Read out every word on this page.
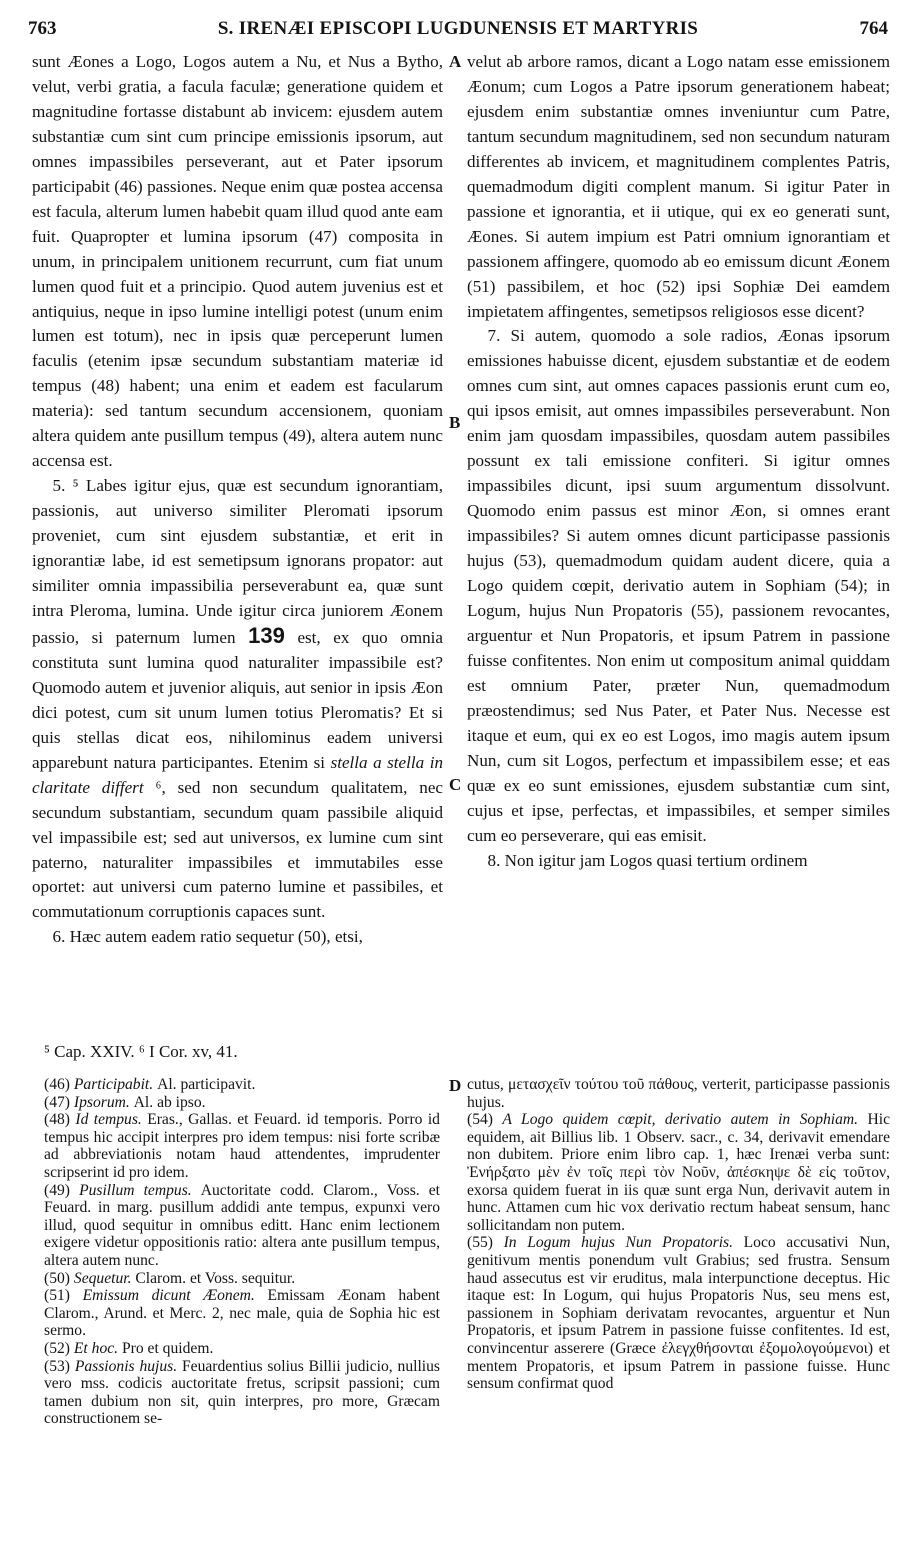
763	S. IRENÆI EPISCOPI LUGDUNENSIS ET MARTYRIS	764

sunt Æones a Logo, Logos autem a Nu, et Nus a Bytho, velut, verbi gratia, a facula faculæ; generatione quidem et magnitudine fortasse distabunt ab invicem: ejusdem autem substantiæ cum sint cum principe emissionis ipsorum, aut omnes impassibiles perseverant, aut et Pater ipsorum participabit (46) passiones. Neque enim quæ postea accensa est facula, alterum lumen habebit quam illud quod ante eam fuit. Quapropter et lumina ipsorum (47) composita in unum, in principalem unitionem recurrunt, cum fiat unum lumen quod fuit et a principio. Quod autem juvenius est et antiquius, neque in ipso lumine intelligi potest (unum enim lumen est totum), nec in ipsis quæ perceperunt lumen faculis (etenim ipsæ secundum substantiam materiæ id tempus (48) habent; una enim et eadem est facularum materia): sed tantum secundum accensionem, quoniam altera quidem ante pusillum tempus (49), altera autem nunc accensa est.

5. ⁵ Labes igitur ejus, quæ est secundum ignorantiam, passionis, aut universo similiter Pleromati ipsorum proveniet, cum sint ejusdem substantiæ, et erit in ignorantiæ labe, id est semetipsum ignorans propator: aut similiter omnia impassibilia perseverabunt ea, quæ sunt intra Pleroma, lumina. Unde igitur circa juniorem Æonem passio, si paternum lumen 139 est, ex quo omnia constituta sunt lumina quod naturaliter impassibile est? Quomodo autem et juvenior aliquis, aut senior in ipsis Æon dici potest, cum sit unum lumen totius Pleromatis? Et si quis stellas dicat eos, nihilominus eadem universi apparebunt natura participantes. Etenim si stella a stella in claritate differt ⁶, sed non secundum qualitatem, nec secundum substantiam, secundum quam passibile aliquid vel impassibile est; sed aut universos, ex lumine cum sint paterno, naturaliter impassibiles et immutabiles esse oportet: aut universi cum paterno lumine et passibiles, et commutationum corruptionis capaces sunt.

6. Hæc autem eadem ratio sequetur (50), etsi,

velut ab arbore ramos, dicant a Logo natam esse emissionem Æonum; cum Logos a Patre ipsorum generationem habeat; ejusdem enim substantiæ omnes inveniuntur cum Patre, tantum secundum magnitudinem, sed non secundum naturam differentes ab invicem, et magnitudinem complentes Patris, quemadmodum digiti complent manum. Si igitur Pater in passione et ignorantia, et ii utique, qui ex eo generati sunt, Æones. Si autem impium est Patri omnium ignorantiam et passionem affingere, quomodo ab eo emissum dicunt Æonem (51) passibilem, et hoc (52) ipsi Sophiæ Dei eamdem impietatem affingentes, semetipsos religiosos esse dicent?

7. Si autem, quomodo a sole radios, Æonas ipsorum emissiones habuisse dicent, ejusdem substantiæ et de eodem omnes cum sint, aut omnes capaces passionis erunt cum eo, qui ipsos emisit, aut omnes impassibiles perseverabunt. Non enim jam quosdam impassibiles, quosdam autem passibiles possunt ex tali emissione confiteri. Si igitur omnes impassibiles dicunt, ipsi suum argumentum dissolvunt. Quomodo enim passus est minor Æon, si omnes erant impassibiles? Si autem omnes dicunt participasse passionis hujus (53), quemadmodum quidam audent dicere, quia a Logo quidem cœpit, derivatio autem in Sophiam (54); in Logum, hujus Nun Propatoris (55), passionem revocantes, arguentur et Nun Propatoris, et ipsum Patrem in passione fuisse confitentes. Non enim ut compositum animal quiddam est omnium Pater, præter Nun, quemadmodum præostendimus; sed Nus Pater, et Pater Nus. Necesse est itaque et eum, qui ex eo est Logos, imo magis autem ipsum Nun, cum sit Logos, perfectum et impassibilem esse; et eas quæ ex eo sunt emissiones, ejusdem substantiæ cum sint, cujus et ipse, perfectas, et impassibiles, et semper similes cum eo perseverare, qui eas emisit.

8. Non igitur jam Logos quasi tertium ordinem

A
B
C
D
⁵ Cap. XXIV. ⁶ I Cor. xv, 41.

(46) Participabit. Al. participavit.

(47) Ipsorum. Al. ab ipso.

(48) Id tempus. Eras., Gallas. et Feuard. id temporis. Porro id tempus hic accipit interpres pro idem tempus: nisi forte scribæ ad abbreviationis notam haud attendentes, imprudenter scripserint id pro idem.

(49) Pusillum tempus. Auctoritate codd. Clarom., Voss. et Feuard. in marg. pusillum addidi ante tempus, expunxi vero illud, quod sequitur in omnibus editt. Hanc enim lectionem exigere videtur oppositionis ratio: altera ante pusillum tempus, altera autem nunc.

(50) Sequetur. Clarom. et Voss. sequitur.

(51) Emissum dicunt Æonem. Emissam Æonam habent Clarom., Arund. et Merc. 2, nec male, quia de Sophia hic est sermo.

(52) Et hoc. Pro et quidem.

(53) Passionis hujus. Feuardentius solius Billii judicio, nullius vero mss. codicis auctoritate fretus, scripsit passioni; cum tamen dubium non sit, quin interpres, pro more, Græcam constructionem se-

cutus, μετασχεῖν τούτου τοῦ πάθους, verterit, participasse passionis hujus.

(54) A Logo quidem cœpit, derivatio autem in Sophiam. Hic equidem, ait Billius lib. 1 Observ. sacr., c. 34, derivavit emendare non dubitem. Priore enim libro cap. 1, hæc Irenæi verba sunt: Ἐνήρξατο μὲν ἐν τοῖς περὶ τὸν Νοῦν, ἀπέσκηψε δὲ εἰς τοῦτον, exorsa quidem fuerat in iis quæ sunt erga Nun, derivavit autem in hunc. Attamen cum hic vox derivatio rectum habeat sensum, hanc sollicitandam non putem.

(55) In Logum hujus Nun Propatoris. Loco accusativi Nun, genitivum mentis ponendum vult Grabius; sed frustra. Sensum haud assecutus est vir eruditus, mala interpunctione deceptus. Hic itaque est: In Logum, qui hujus Propatoris Nus, seu mens est, passionem in Sophiam derivatam revocantes, arguentur et Nun Propatoris, et ipsum Patrem in passione fuisse confitentes. Id est, convincentur asserere (Græce ἐλεγχθήσονται ἐξομολογούμενοι) et mentem Propatoris, et ipsum Patrem in passione fuisse. Hunc sensum confirmat quod
